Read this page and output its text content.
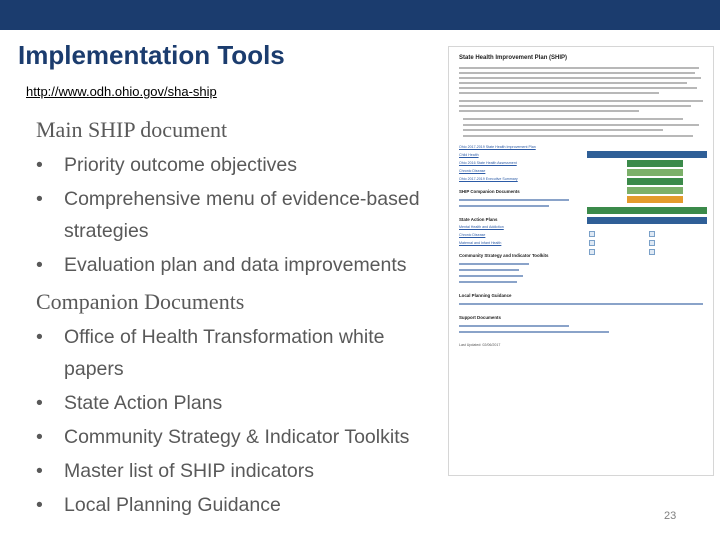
Implementation Tools
http://www.odh.ohio.gov/sha-ship
Main SHIP document
• Priority outcome objectives
• Comprehensive menu of evidence-based
strategies
• Evaluation plan and data improvements
Companion Documents
• Office of Health Transformation white
papers
• State Action Plans
• Community Strategy & Indicator Toolkits
• Master list of SHIP indicators
• Local Planning Guidance
State Health Improvement Plan (SHIP)
Ohio 2017-2019 State Health Improvement Plan
Child Health
Ohio 2016 State Health Assessment
Chronic Disease
Ohio 2017-2019 Executive Summary
SHIP Companion Documents
State Action Plans
Mental Health and Addiction
Chronic Disease
Maternal and Infant Health
Community Strategy and Indicator Toolkits
Local Planning Guidance
Support Documents
Last Updated: 02/06/2017
23
